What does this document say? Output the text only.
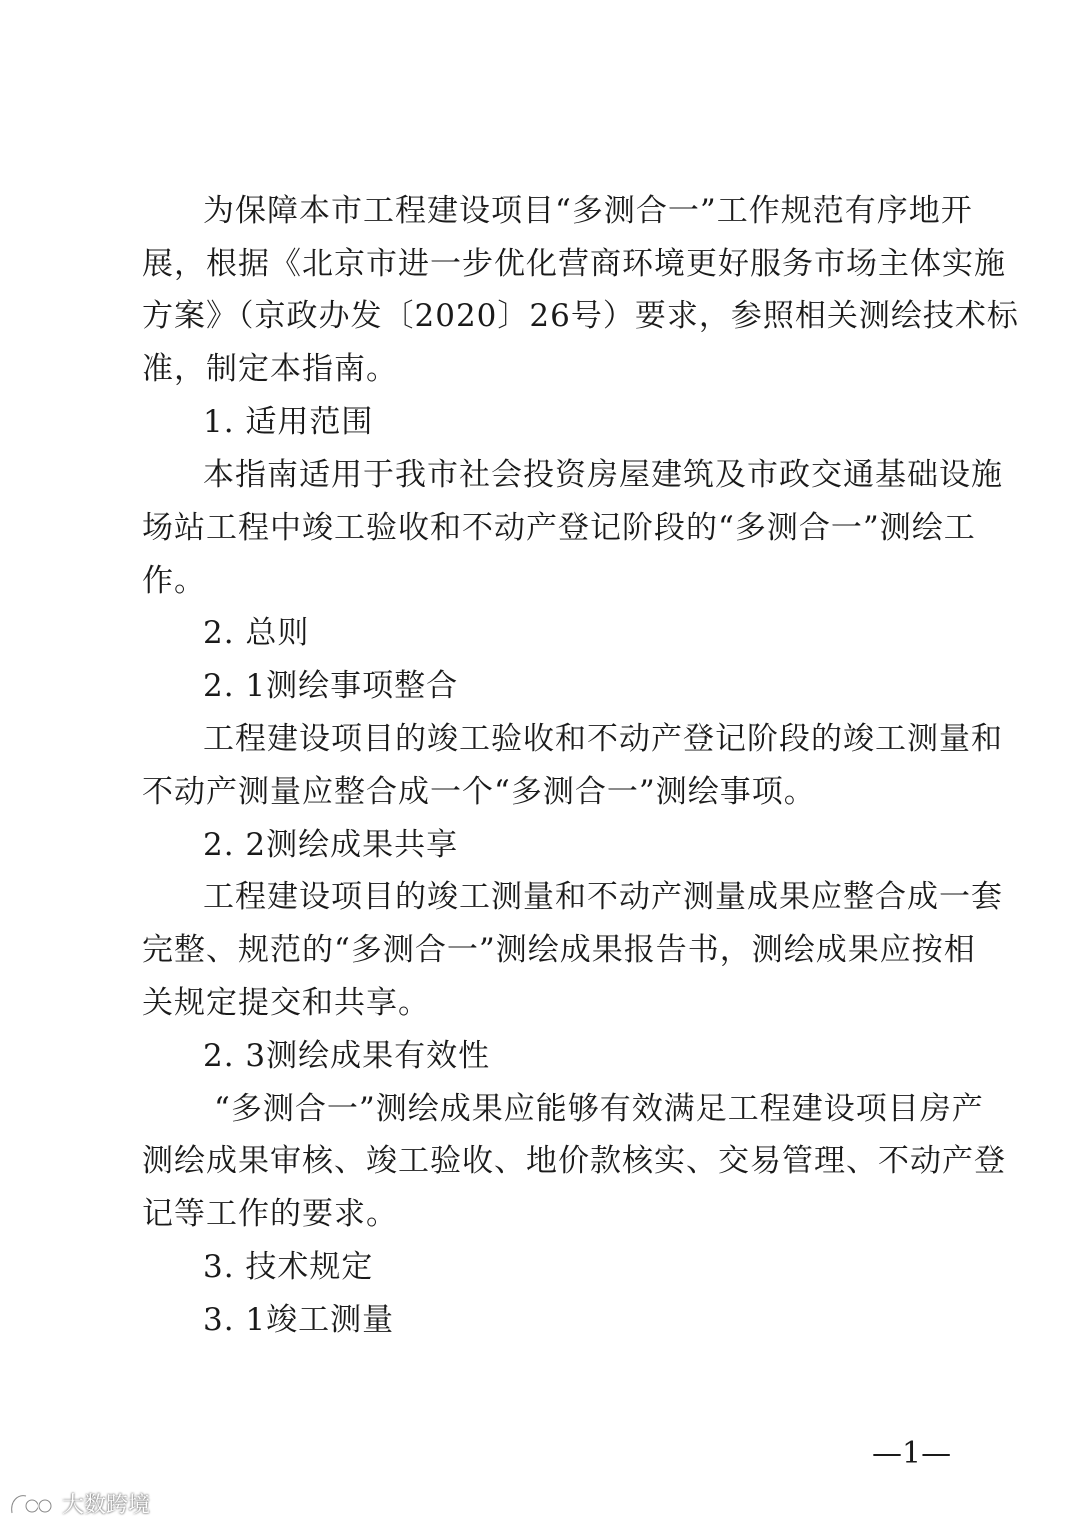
为保障本市工程建设项目“多测合一”工作规范有序地开
展，根据《北京市进一步优化营商环境更好服务市场主体实施
方案》（京政办发〔2020〕26号）要求，参照相关测绘技术标
准，制定本指南。
1. 适用范围
本指南适用于我市社会投资房屋建筑及市政交通基础设施
场站工程中竣工验收和不动产登记阶段的“多测合一”测绘工
作。
2. 总则
2. 1测绘事项整合
工程建设项目的竣工验收和不动产登记阶段的竣工测量和
不动产测量应整合成一个“多测合一”测绘事项。
2. 2测绘成果共享
工程建设项目的竣工测量和不动产测量成果应整合成一套
完整、规范的“多测合一”测绘成果报告书，测绘成果应按相
关规定提交和共享。
2. 3测绘成果有效性
“多测合一”测绘成果应能够有效满足工程建设项目房产
测绘成果审核、竣工验收、地价款核实、交易管理、不动产登
记等工作的要求。
3. 技术规定
3. 1竣工测量
—1—
大数跨境
